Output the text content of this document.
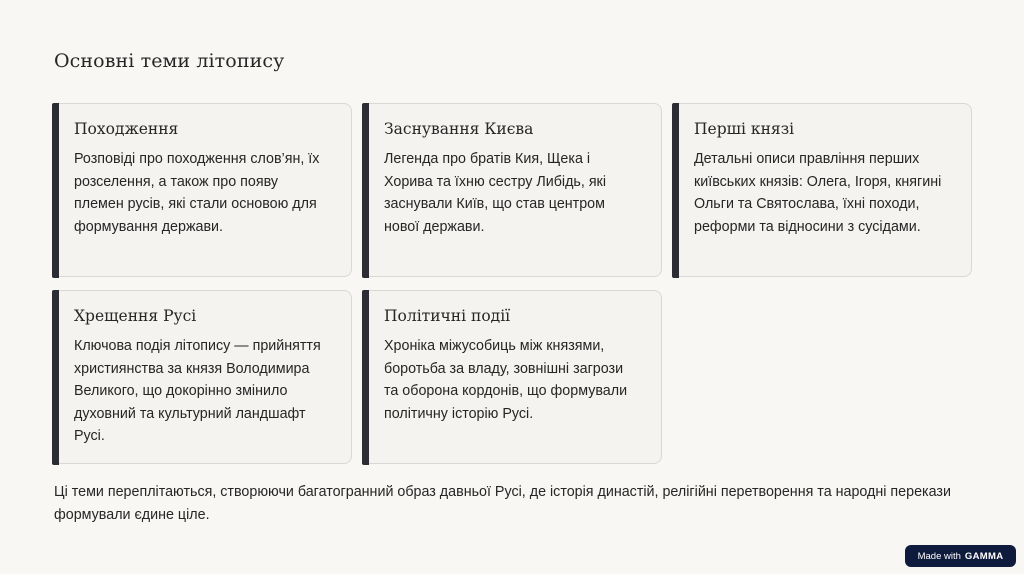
Основні теми літопису
Походження

Розповіді про походження слов’ян, їх розселення, а також про появу племен русів, які стали основою для формування держави.

Заснування Києва

Легенда про братів Кия, Щека і Хорива та їхню сестру Либідь, які заснували Київ, що став центром нової держави.

Перші князі

Детальні описи правління перших київських князів: Олега, Ігоря, княгині Ольги та Святослава, їхні походи, реформи та відносини з сусідами.

Хрещення Русі

Ключова подія літопису — прийняття християнства за князя Володимира Великого, що докорінно змінило духовний та культурний ландшафт Русі.

Політичні події

Хроніка міжусобиць між князями, боротьба за владу, зовнішні загрози та оборона кордонів, що формували політичну історію Русі.

Ці теми переплітаються, створюючи багатогранний образ давньої Русі, де історія династій, релігійні перетворення та народні перекази формували єдине ціле.

Made with GAMMA
